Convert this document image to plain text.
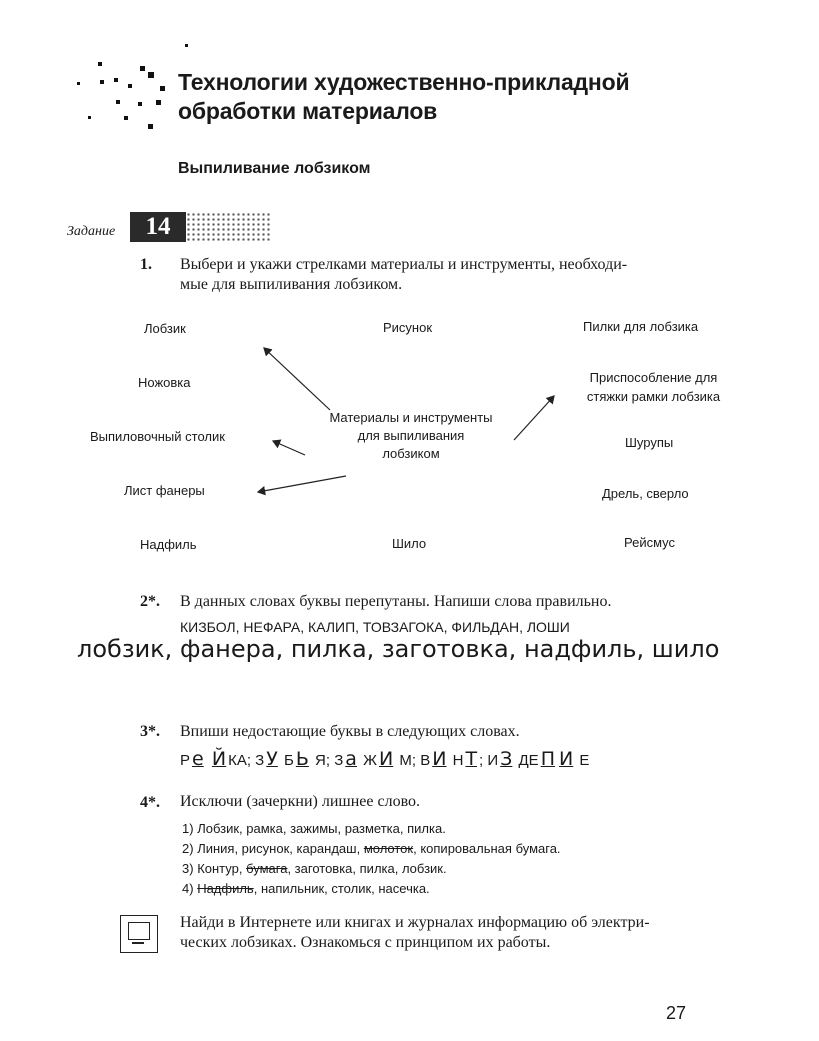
Технологии художественно-прикладной
обработки материалов
Выпиливание лобзиком
Задание	14
1. Выбери и укажи стрелками материалы и инструменты, необходи-
мые для выпиливания лобзиком.
Лобзик	Рисунок	Пилки для лобзика
Ножовка	Приспособление для
стяжки рамки лобзика
Материалы и инструменты
для выпиливания
лобзиком
Выпиловочный столик	Шурупы
Лист фанеры	Дрель, сверло
Надфиль	Шило	Рейсмус
2*. В данных словах буквы перепутаны. Напиши слова правильно.
КИЗБОЛ, НЕФАРА, КАЛИП, ТОВЗАГОКА, ФИЛЬДАН, ЛОШИ
лобзик, фанера, пилка, заготовка, надфиль, шило
3*. Впиши недостающие буквы в следующих словах.
Р е Й КА; З У Б Ь Я; З а Ж И М; В И Н Т ; И З ДЕ П И Е
4*. Исключи (зачеркни) лишнее слово.
1) Лобзик, рамка, зажимы, разметка, пилка.
2) Линия, рисунок, карандаш, молоток, копировальная бумага.
3) Контур, бумага, заготовка, пилка, лобзик.
4) Надфиль, напильник, столик, насечка.
Найди в Интернете или книгах и журналах информацию об электри-
ческих лобзиках. Ознакомься с принципом их работы.
27
